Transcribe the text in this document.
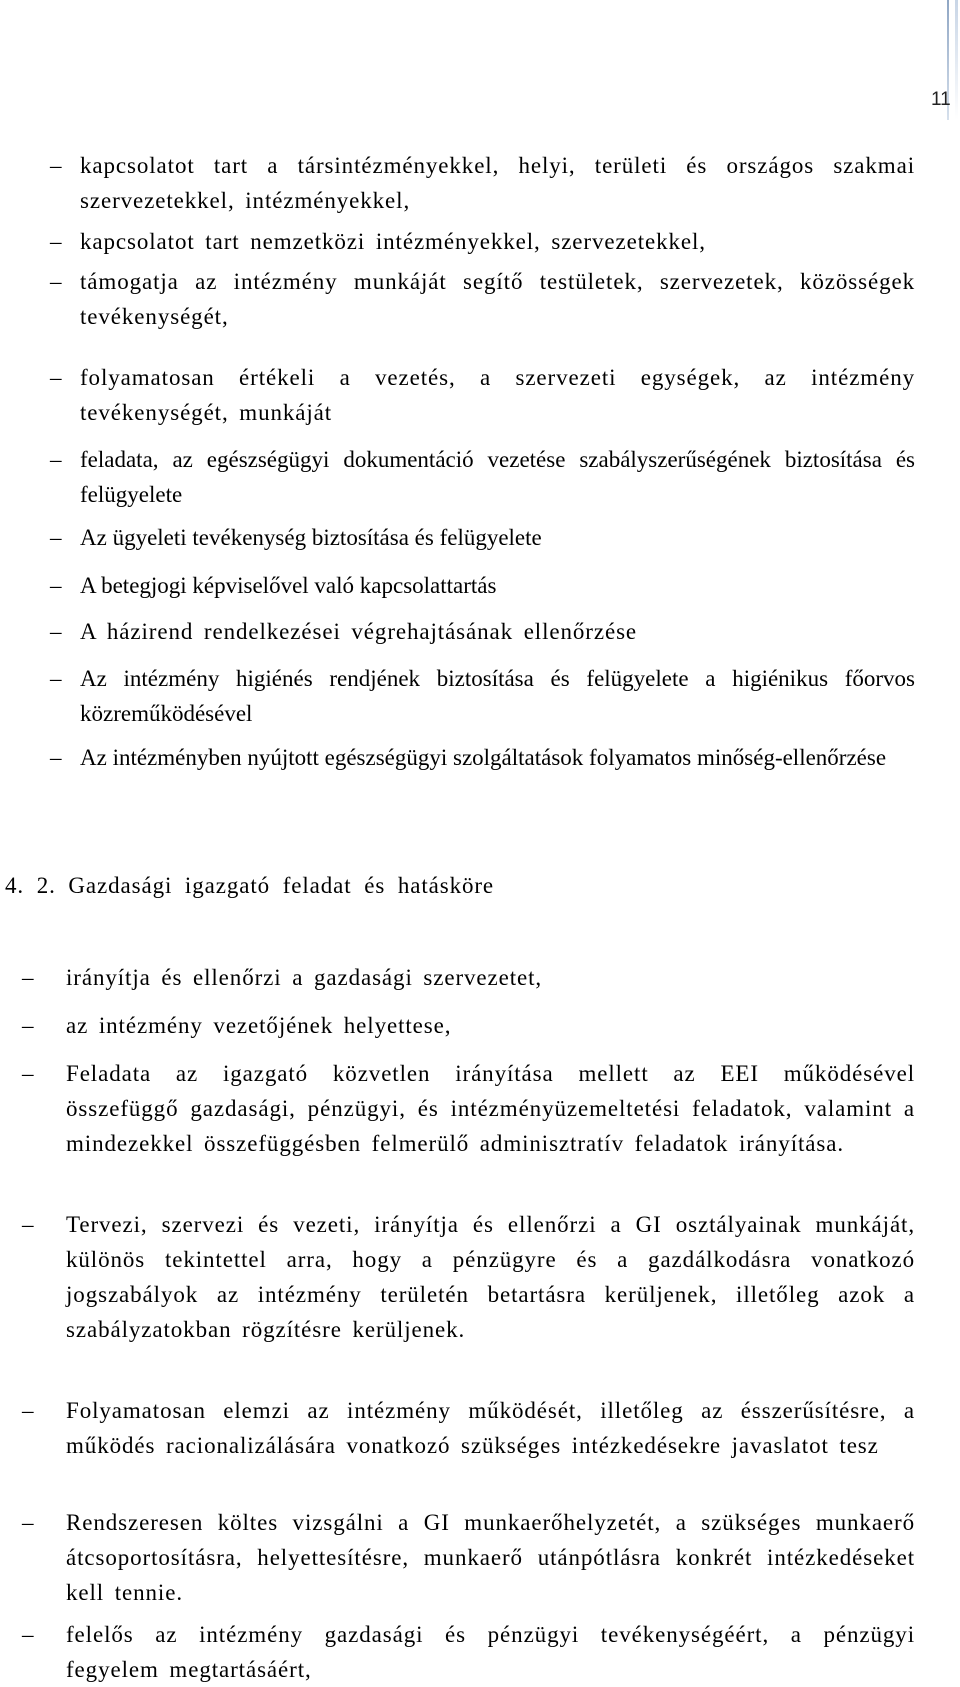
11
– kapcsolatot tart a társintézményekkel, helyi, területi és országos szakmai szervezetekkel, intézményekkel,
– kapcsolatot tart nemzetközi intézményekkel, szervezetekkel,
– támogatja az intézmény munkáját segítő testületek, szervezetek, közösségek tevékenységét,
– folyamatosan értékeli a vezetés, a szervezeti egységek, az intézmény tevékenységét, munkáját
– feladata, az egészségügyi dokumentáció vezetése szabályszerűségének biztosítása és felügyelete
– Az ügyeleti tevékenység biztosítása és felügyelete
– A betegjogi képviselővel való kapcsolattartás
– A házirend rendelkezései végrehajtásának ellenőrzése
– Az intézmény higiénés rendjének biztosítása és felügyelete a higiénikus főorvos közreműködésével
– Az intézményben nyújtott egészségügyi szolgáltatások folyamatos minőség-ellenőrzése
4. 2. Gazdasági igazgató feladat és hatásköre
– irányítja és ellenőrzi a gazdasági szervezetet,
– az intézmény vezetőjének helyettese,
– Feladata az igazgató közvetlen irányítása mellett az EEI működésével összefüggő gazdasági, pénzügyi, és intézményüzemeltetési feladatok, valamint a mindezekkel összefüggésben felmerülő adminisztratív feladatok irányítása.
– Tervezi, szervezi és vezeti, irányítja és ellenőrzi a GI osztályainak munkáját, különös tekintettel arra, hogy a pénzügyre és a gazdálkodásra vonatkozó jogszabályok az intézmény területén betartásra kerüljenek, illetőleg azok a szabályzatokban rögzítésre kerüljenek.
– Folyamatosan elemzi az intézmény működését, illetőleg az ésszerűsítésre, a működés racionalizálására vonatkozó szükséges intézkedésekre javaslatot tesz
– Rendszeresen költes vizsgálni a GI munkaerőhelyzetét, a szükséges munkaerő átcsoportosításra, helyettesítésre, munkaerő utánpótlásra konkrét intézkedéseket kell tennie.
– felelős az intézmény gazdasági és pénzügyi tevékenységéért, a pénzügyi fegyelem megtartásáért,
